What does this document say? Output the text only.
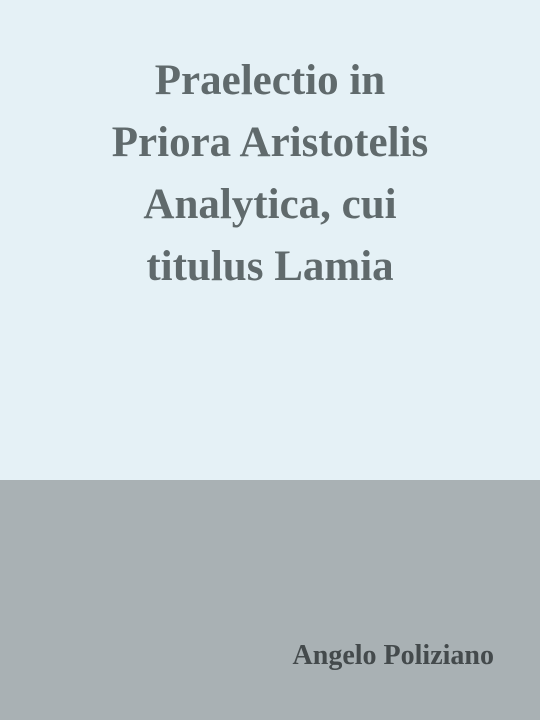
Praelectio in
Priora Aristotelis
Analytica, cui
titulus Lamia

Angelo Poliziano
